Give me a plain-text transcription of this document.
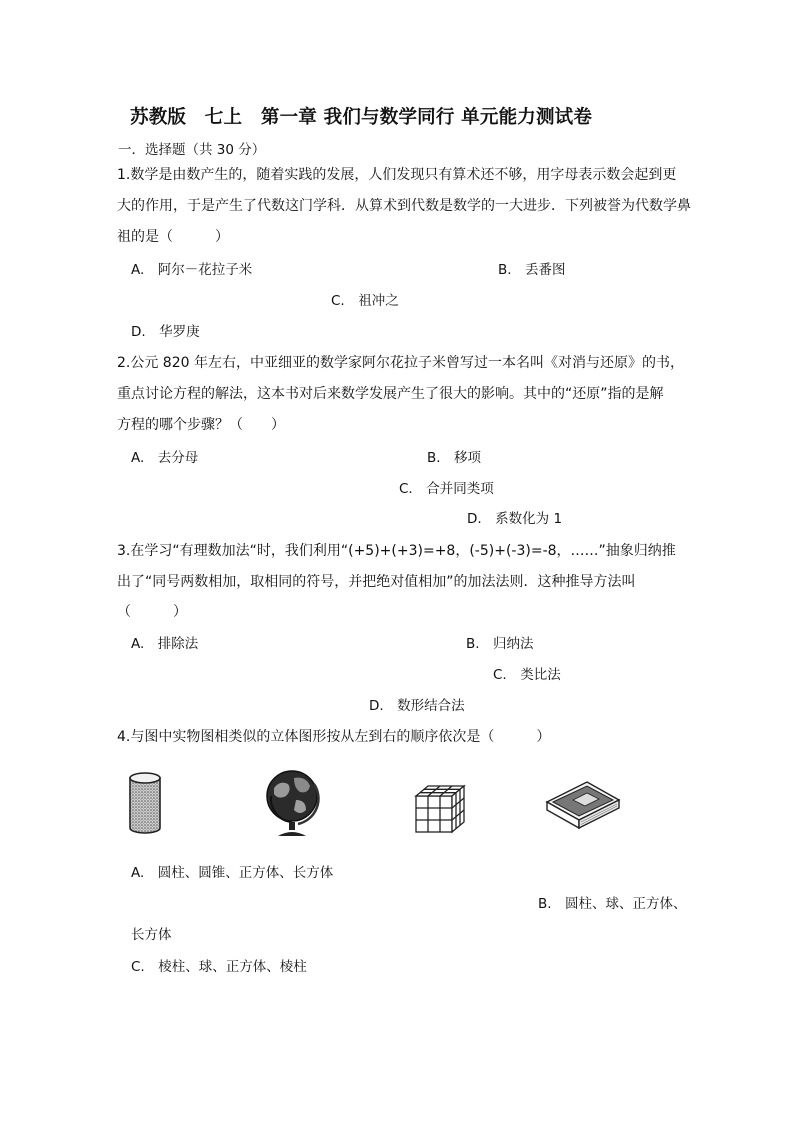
苏教版　七上　第一章 我们与数学同行 单元能力测试卷
一．选择题（共 30 分）
1.数学是由数产生的，随着实践的发展，人们发现只有算术还不够，用字母表示数会起到更
大的作用，于是产生了代数这门学科．从算术到代数是数学的一大进步．下列被誉为代数学鼻
祖的是（　　　）
A.　阿尔－花拉子米	B.　丢番图
C.　祖冲之
D.　华罗庚
2.公元 820 年左右，中亚细亚的数学家阿尔花拉子米曾写过一本名叫《对消与还原》的书，
重点讨论方程的解法，这本书对后来数学发展产生了很大的影响。其中的“还原”指的是解
方程的哪个步骤？（　　）
A.　去分母	B.　移项
C.　合并同类项
D.　系数化为 1
3.在学习“有理数加法“时，我们利用“(+5)+(+3)=+8，(-5)+(-3)=-8，……”抽象归纳推
出了“同号两数相加，取相同的符号，并把绝对值相加”的加法法则．这种推导方法叫
（　　　）
A.　排除法	B.　归纳法
C.　类比法
D.　数形结合法
4.与图中实物图相类似的立体图形按从左到右的顺序依次是（　　　）
A.　圆柱、圆锥、正方体、长方体
B.　圆柱、球、正方体、
长方体
C.　棱柱、球、正方体、棱柱
